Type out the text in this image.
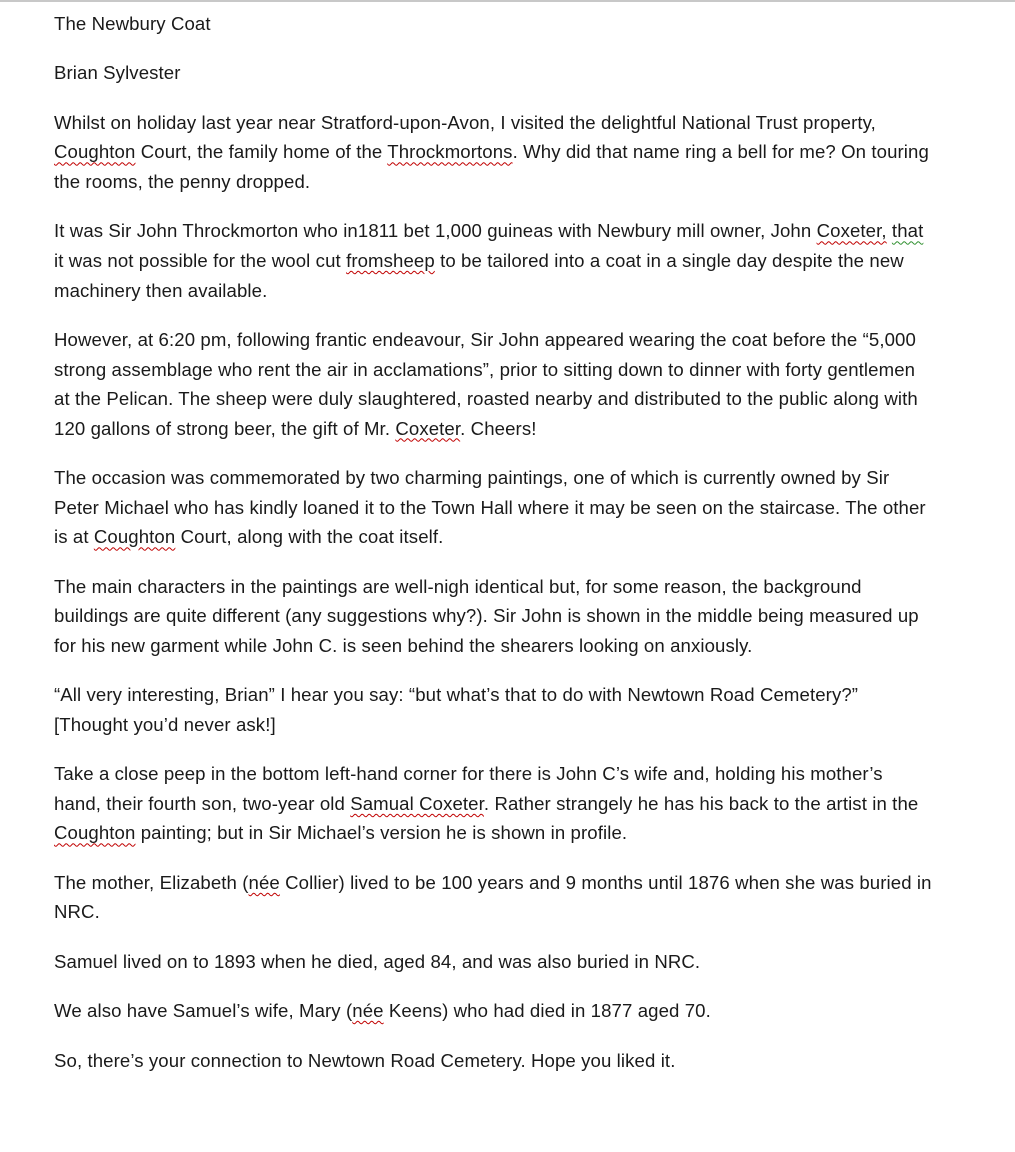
The Newbury Coat

Brian Sylvester

Whilst on holiday last year near Stratford-upon-Avon, I visited the delightful National Trust property, Coughton Court, the family home of the Throckmortons. Why did that name ring a bell for me? On touring the rooms, the penny dropped.

It was Sir John Throckmorton who in1811 bet 1,000 guineas with Newbury mill owner, John Coxeter, that it was not possible for the wool cut fromsheep to be tailored into a coat in a single day despite the new machinery then available.

However, at 6:20 pm, following frantic endeavour, Sir John appeared wearing the coat before the “5,000 strong assemblage who rent the air in acclamations”, prior to sitting down to dinner with forty gentlemen at the Pelican. The sheep were duly slaughtered, roasted nearby and distributed to the public along with 120 gallons of strong beer, the gift of Mr. Coxeter. Cheers!

The occasion was commemorated by two charming paintings, one of which is currently owned by Sir Peter Michael who has kindly loaned it to the Town Hall where it may be seen on the staircase. The other is at Coughton Court, along with the coat itself.

The main characters in the paintings are well-nigh identical but, for some reason, the background buildings are quite different (any suggestions why?). Sir John is shown in the middle being measured up for his new garment while John C. is seen behind the shearers looking on anxiously.

“All very interesting, Brian” I hear you say: “but what’s that to do with Newtown Road Cemetery?” [Thought you’d never ask!]

Take a close peep in the bottom left-hand corner for there is John C’s wife and, holding his mother’s hand, their fourth son, two-year old Samual Coxeter. Rather strangely he has his back to the artist in the Coughton painting; but in Sir Michael’s version he is shown in profile.

The mother, Elizabeth (née Collier) lived to be 100 years and 9 months until 1876 when she was buried in NRC.

Samuel lived on to 1893 when he died, aged 84, and was also buried in NRC.

We also have Samuel’s wife, Mary (née Keens) who had died in 1877 aged 70.

So, there’s your connection to Newtown Road Cemetery. Hope you liked it.
